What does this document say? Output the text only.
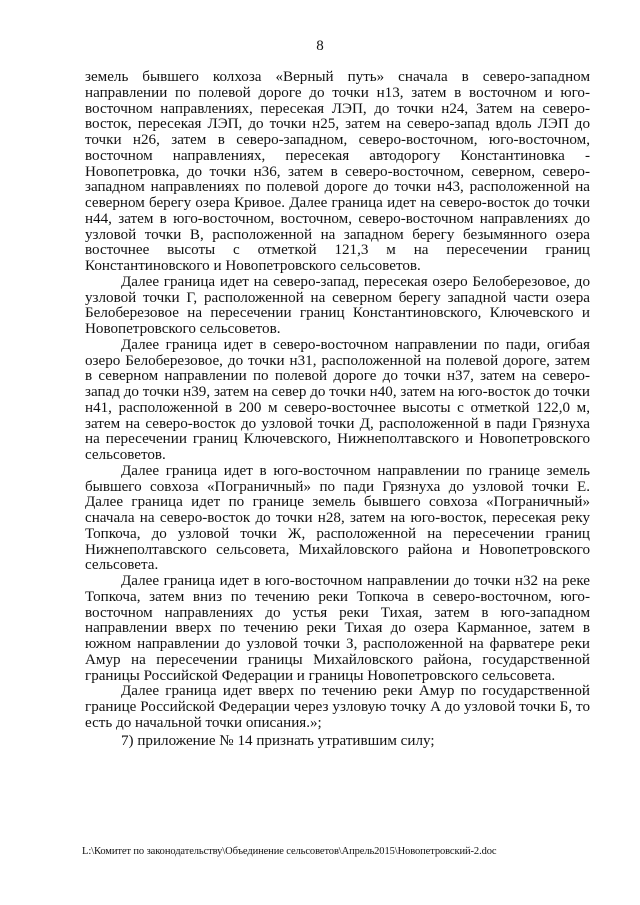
8

земель бывшего колхоза «Верный путь» сначала в северо-западном направлении по полевой дороге до точки н13, затем в восточном и юго-восточном направлениях, пересекая ЛЭП, до точки н24, Затем на северо-восток, пересекая ЛЭП, до точки н25, затем на северо-запад вдоль ЛЭП до точки н26, затем в северо-западном, северо-восточном, юго-восточном, восточном направлениях, пересекая автодорогу Константиновка - Новопетровка, до точки н36, затем в северо-восточном, северном, северо-западном направлениях по полевой дороге до точки н43, расположенной на северном берегу озера Кривое. Далее граница идет на северо-восток до точки н44, затем в юго-восточном, восточном, северо-восточном направлениях до узловой точки В, расположенной на западном берегу безымянного озера восточнее высоты с отметкой 121,3 м на пересечении границ Константиновского и Новопетровского сельсоветов.

Далее граница идет на северо-запад, пересекая озеро Белоберезовое, до узловой точки Г, расположенной на северном берегу западной части озера Белоберезовое на пересечении границ Константиновского, Ключевского и Новопетровского сельсоветов.

Далее граница идет в северо-восточном направлении по пади, огибая озеро Белоберезовое, до точки н31, расположенной на полевой дороге, затем в северном направлении по полевой дороге до точки н37, затем на северо-запад до точки н39, затем на север до точки н40, затем на юго-восток до точки н41, расположенной в 200 м северо-восточнее высоты с отметкой 122,0 м, затем на северо-восток до узловой точки Д, расположенной в пади Грязнуха на пересечении границ Ключевского, Нижнеполтавского и Новопетровского сельсоветов.

Далее граница идет в юго-восточном направлении по границе земель бывшего совхоза «Пограничный» по пади Грязнуха до узловой точки Е. Далее граница идет по границе земель бывшего совхоза «Пограничный» сначала на северо-восток до точки н28, затем на юго-восток, пересекая реку Топкоча, до узловой точки Ж, расположенной на пересечении границ Нижнеполтавского сельсовета, Михайловского района и Новопетровского сельсовета.

Далее граница идет в юго-восточном направлении до точки н32 на реке Топкоча, затем вниз по течению реки Топкоча в северо-восточном, юго-восточном направлениях до устья реки Тихая, затем в юго-западном направлении вверх по течению реки Тихая до озера Карманное, затем в южном направлении до узловой точки З, расположенной на фарватере реки Амур на пересечении границы Михайловского района, государственной границы Российской Федерации и границы Новопетровского сельсовета.

Далее граница идет вверх по течению реки Амур по государственной границе Российской Федерации через узловую точку А до узловой точки Б, то есть до начальной точки описания.»;

7) приложение № 14 признать утратившим силу;

L:\Комитет по законодательству\Объединение сельсоветов\Апрель2015\Новопетровский-2.doc
